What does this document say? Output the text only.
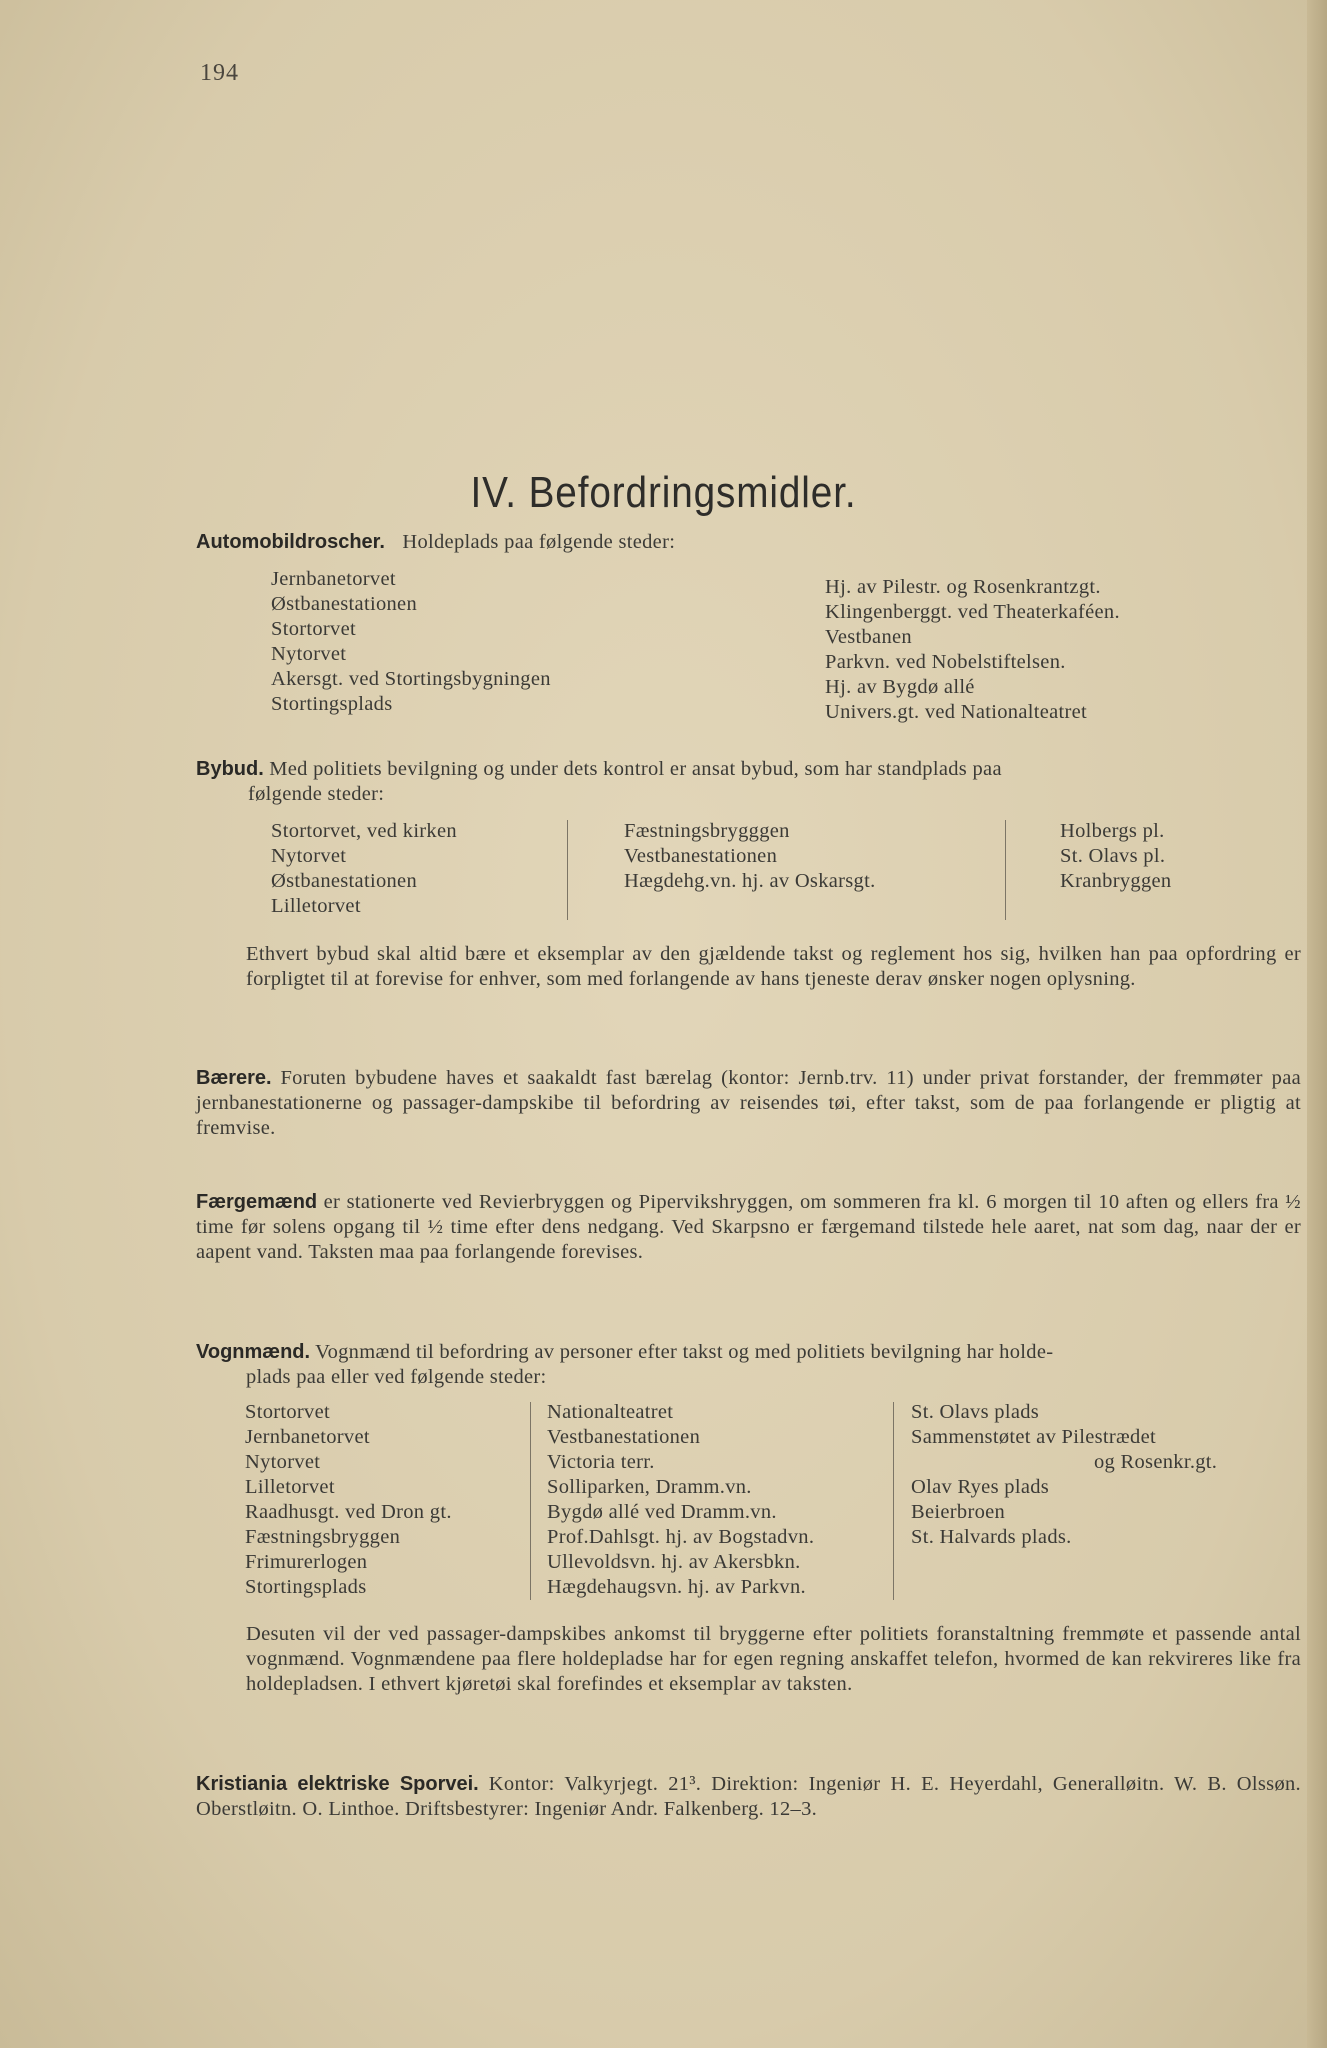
194
IV. Befordringsmidler.
Automobildroscher. Holdeplads paa følgende steder:
Jernbanetorvet
Østbanestationen
Stortorvet
Nytorvet
Akersgt. ved Stortingsbygningen
Stortingsplads
Hj. av Pilestr. og Rosenkrantzgt.
Klingenberggt. ved Theaterkaféen.
Vestbanen
Parkvn. ved Nobelstiftelsen.
Hj. av Bygdø allé
Univers.gt. ved Nationalteatret
Bybud. Med politiets bevilgning og under dets kontrol er ansat bybud, som har standplads paa
følgende steder:
Stortorvet, ved kirken
Nytorvet
Østbanestationen
Lilletorvet
Fæstningsbrygggen
Vestbanestationen
Hægdehg.vn. hj. av Oskarsgt.
Holbergs pl.
St. Olavs pl.
Kranbryggen
Ethvert bybud skal altid bære et eksemplar av den gjældende takst og reglement hos sig, hvilken han paa opfordring er forpligtet til at forevise for enhver, som med forlangende av hans tjeneste derav ønsker nogen oplysning.
Bærere. Foruten bybudene haves et saakaldt fast bærelag (kontor: Jernb.trv. 11) under privat forstander, der fremmøter paa jernbanestationerne og passager-dampskibe til befordring av reisendes tøi, efter takst, som de paa forlangende er pligtig at fremvise.
Færgemænd er stationerte ved Revierbryggen og Pipervikshryggen, om sommeren fra kl. 6 morgen til 10 aften og ellers fra ½ time før solens opgang til ½ time efter dens nedgang. Ved Skarpsno er færgemand tilstede hele aaret, nat som dag, naar der er aapent vand. Taksten maa paa forlangende forevises.
Vognmænd. Vognmænd til befordring av personer efter takst og med politiets bevilgning har holde-
plads paa eller ved følgende steder:
Stortorvet
Jernbanetorvet
Nytorvet
Lilletorvet
Raadhusgt. ved Dron gt.
Fæstningsbryggen
Frimurerlogen
Stortingsplads
Nationalteatret
Vestbanestationen
Victoria terr.
Solliparken, Dramm.vn.
Bygdø allé ved Dramm.vn.
Prof.Dahlsgt. hj. av Bogstadvn.
Ullevoldsvn. hj. av Akersbkn.
Hægdehaugsvn. hj. av Parkvn.
St. Olavs plads
Sammenstøtet av Pilestrædet
og Rosenkr.gt.
Olav Ryes plads
Beierbroen
St. Halvards plads.
Desuten vil der ved passager-dampskibes ankomst til bryggerne efter politiets foranstaltning fremmøte et passende antal vognmænd. Vognmændene paa flere holdepladse har for egen regning anskaffet telefon, hvormed de kan rekvireres like fra holdepladsen. I ethvert kjøretøi skal forefindes et eksemplar av taksten.
Kristiania elektriske Sporvei. Kontor: Valkyrjegt. 21³. Direktion: Ingeniør H. E. Heyerdahl, Generalløitn. W. B. Olssøn. Oberstløitn. O. Linthoe. Driftsbestyrer: Ingeniør Andr. Falkenberg. 12–3.
